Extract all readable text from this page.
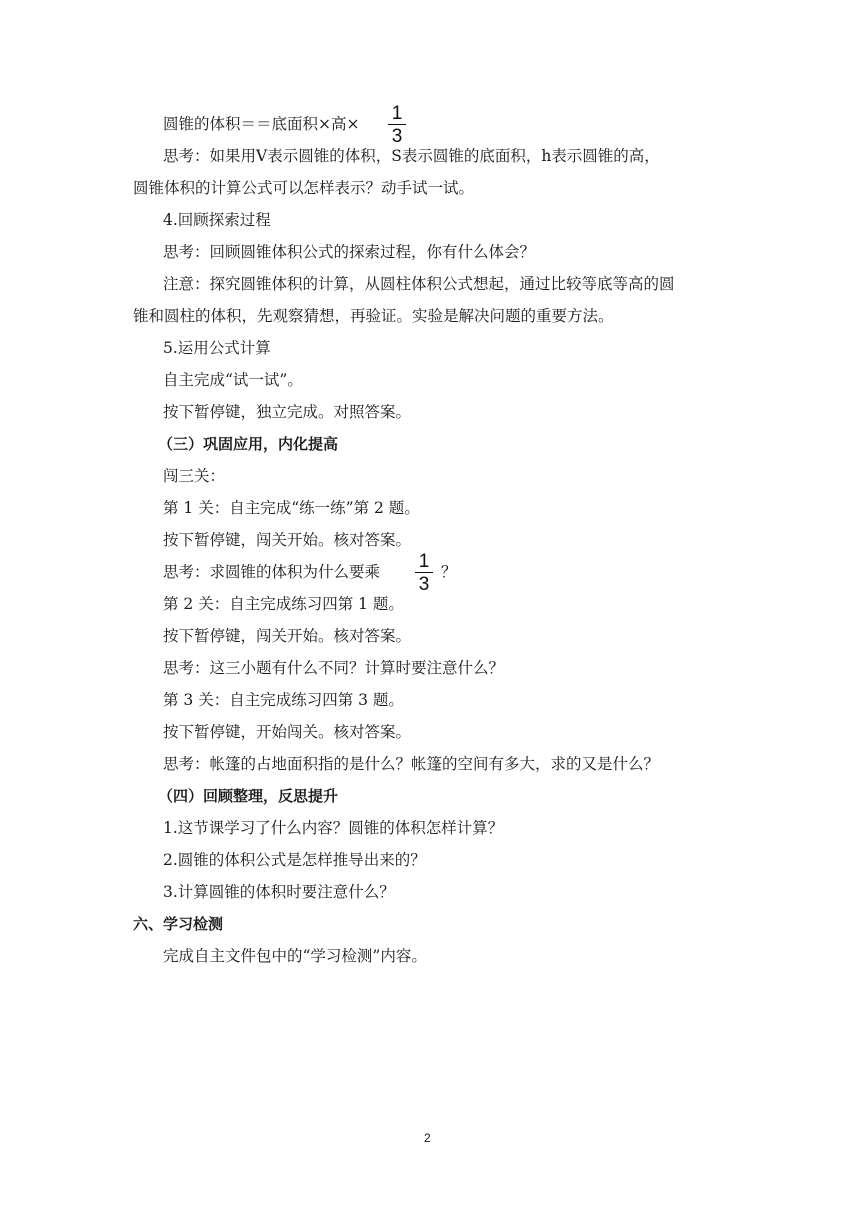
圆锥的体积＝＝底面积×高× 1
3
思考：如果用Ⅴ表示圆锥的体积，S表示圆锥的底面积，h表示圆锥的高，
圆锥体积的计算公式可以怎样表示？动手试一试。
4.回顾探索过程
思考：回顾圆锥体积公式的探索过程，你有什么体会？
注意：探究圆锥体积的计算，从圆柱体积公式想起，通过比较等底等高的圆
锥和圆柱的体积，先观察猜想，再验证。实验是解决问题的重要方法。
5.运用公式计算
自主完成“试一试”。
按下暂停键，独立完成。对照答案。
（三）巩固应用，内化提高
闯三关：
第 1 关：自主完成“练一练”第 2 题。
按下暂停键，闯关开始。核对答案。
思考：求圆锥的体积为什么要乘 1
3
？
第 2 关：自主完成练习四第 1 题。
按下暂停键，闯关开始。核对答案。
思考：这三小题有什么不同？计算时要注意什么？
第 3 关：自主完成练习四第 3 题。
按下暂停键，开始闯关。核对答案。
思考：帐篷的占地面积指的是什么？帐篷的空间有多大，求的又是什么？
（四）回顾整理，反思提升
1.这节课学习了什么内容？圆锥的体积怎样计算？
2.圆锥的体积公式是怎样推导出来的？
3.计算圆锥的体积时要注意什么？
六、学习检测
完成自主文件包中的“学习检测”内容。
2
